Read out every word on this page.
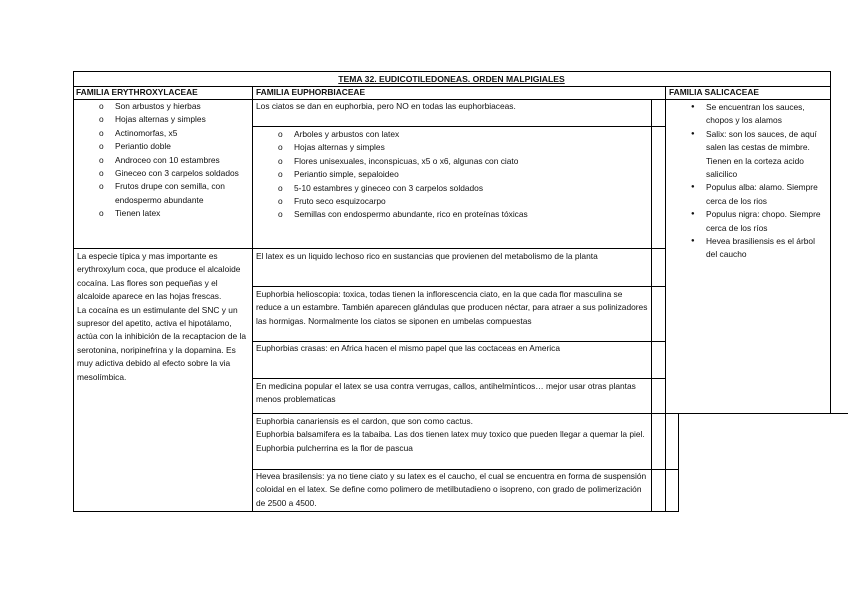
TEMA 32. EUDICOTILEDONEAS. ORDEN MALPIGIALES
FAMILIA ERYTHROXYLACEAE	FAMILIA EUPHORBIACEAE	FAMILIA SALICACEAE
o Son arbustos y hierbas
o Hojas alternas y simples
o Actinomorfas, x5
o Periantio doble
o Androceo con 10 estambres
o Gineceo con 3 carpelos soldados
o Frutos drupe con semilla, con endospermo abundante
o Tienen latex
La especie típica y mas importante es erythroxylum coca, que produce el alcaloide cocaína. Las flores son pequeñas y el alcaloide aparece en las hojas frescas.
La cocaína es un estimulante del SNC y un supresor del apetito, activa el hipotálamo, actúa con la inhibición de la recaptacion de la serotonina, noripinefrina y la dopamina. Es muy adictiva debido al efecto sobre la via mesolímbica.
Los ciatos se dan en euphorbia, pero NO en todas las euphorbiaceas.
o Arboles y arbustos con latex
o Hojas alternas y simples
o Flores unisexuales, inconspicuas, x5 o x6, algunas con ciato
o Periantio simple, sepaloideo
o 5-10 estambres y gineceo con 3 carpelos soldados
o Fruto seco esquizocarpo
o Semillas con endospermo abundante, rico en proteínas tóxicas
El latex es un liquido lechoso rico en sustancias que provienen del metabolismo de la planta
Euphorbia helioscopia: toxica, todas tienen la inflorescencia ciato, en la que cada flor masculina se reduce a un estambre. También aparecen glándulas que producen néctar, para atraer a sus polinizadores las hormigas. Normalmente los ciatos se siponen en umbelas compuestas
Euphorbias crasas: en Africa hacen el mismo papel que las coctaceas en America
En medicina popular el latex se usa contra verrugas, callos, antihelmínticos… mejor usar otras plantas menos problematicas
Euphorbia canariensis es el cardon, que son como cactus.
Euphorbia balsamifera es la tabaiba. Las dos tienen latex muy toxico que pueden llegar a quemar la piel.
Euphorbia pulcherrina es la flor de pascua
Hevea brasilensis: ya no tiene ciato y su latex es el caucho, el cual se encuentra en forma de suspensión coloidal en el latex. Se define como polimero de metilbutadieno o isopreno, con grado de polimerización de 2500 a 4500.
● Se encuentran los sauces, chopos y los alamos
● Salix: son los sauces, de aquí salen las cestas de mimbre. Tienen en la corteza acido salicilico
● Populus alba: alamo. Siempre cerca de los rios
● Populus nigra: chopo. Siempre cerca de los ríos
● Hevea brasiliensis es el árbol del caucho
